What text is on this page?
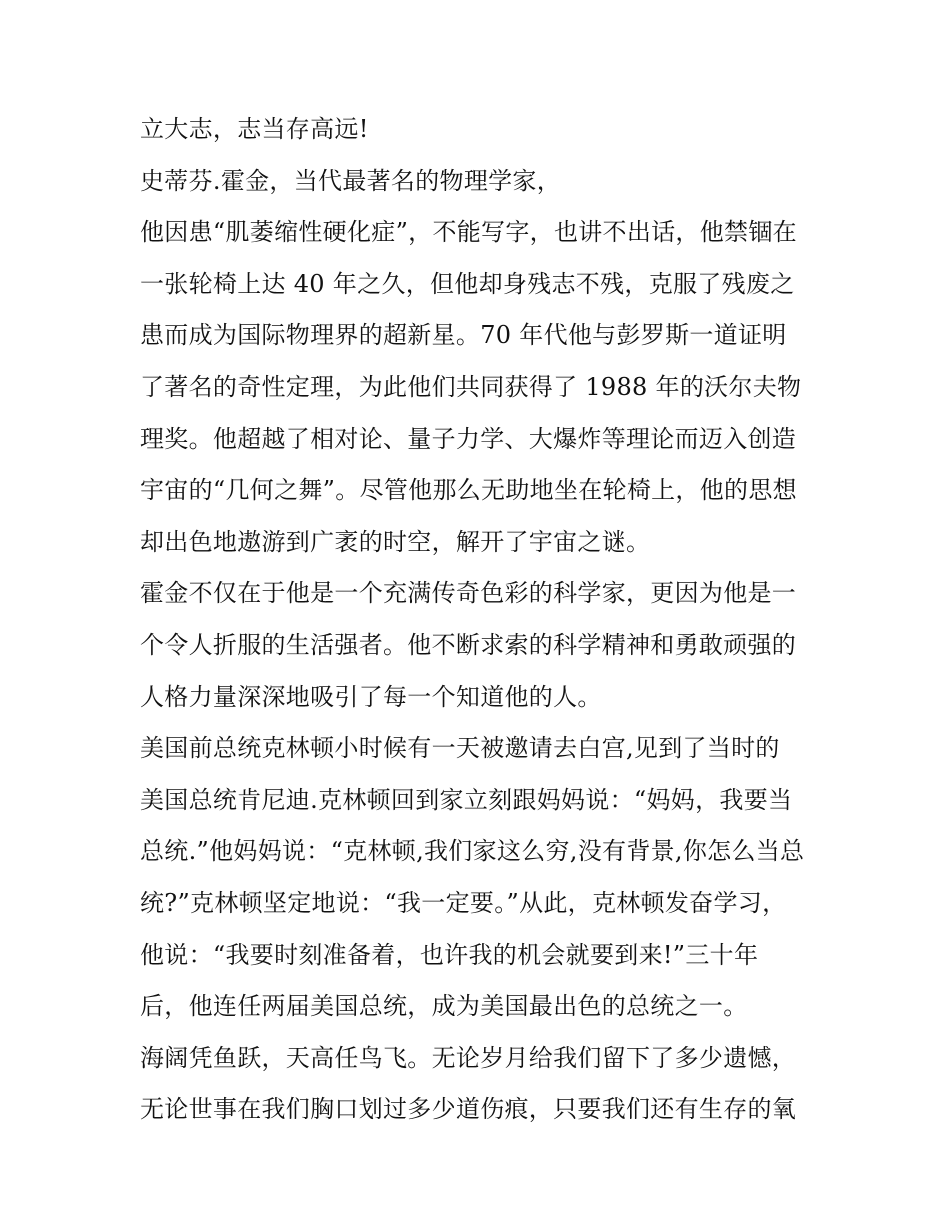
立大志，志当存高远!
史蒂芬.霍金，当代最著名的物理学家，
他因患“肌萎缩性硬化症”，不能写字，也讲不出话，他禁锢在
一张轮椅上达 40 年之久，但他却身残志不残，克服了残废之
患而成为国际物理界的超新星。70 年代他与彭罗斯一道证明
了著名的奇性定理，为此他们共同获得了 1988 年的沃尔夫物
理奖。他超越了相对论、量子力学、大爆炸等理论而迈入创造
宇宙的“几何之舞”。尽管他那么无助地坐在轮椅上，他的思想
却出色地遨游到广袤的时空，解开了宇宙之谜。
霍金不仅在于他是一个充满传奇色彩的科学家，更因为他是一
个令人折服的生活强者。他不断求索的科学精神和勇敢顽强的
人格力量深深地吸引了每一个知道他的人。
美国前总统克林顿小时候有一天被邀请去白宫,见到了当时的
美国总统肯尼迪.克林顿回到家立刻跟妈妈说：“妈妈，我要当
总统.”他妈妈说：“克林顿,我们家这么穷,没有背景,你怎么当总
统?”克林顿坚定地说：“我一定要。”从此，克林顿发奋学习，
他说：“我要时刻准备着，也许我的机会就要到来!”三十年
后，他连任两届美国总统，成为美国最出色的总统之一。
海阔凭鱼跃，天高任鸟飞。无论岁月给我们留下了多少遗憾，
无论世事在我们胸口划过多少道伤痕，只要我们还有生存的氧
